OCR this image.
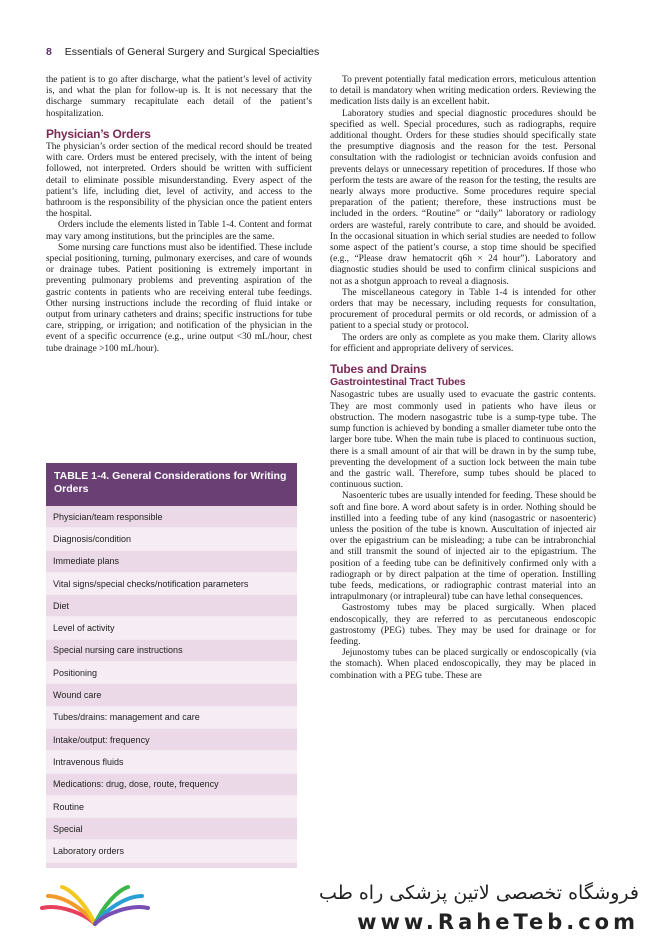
8 Essentials of General Surgery and Surgical Specialties

the patient is to go after discharge, what the patient’s level of activity is, and what the plan for follow-up is. It is not necessary that the discharge summary recapitulate each detail of the patient’s hospitalization.

Physician’s Orders

The physician’s order section of the medical record should be treated with care. Orders must be entered precisely, with the intent of being followed, not interpreted. Orders should be written with sufficient detail to eliminate possible misunderstanding. Every aspect of the patient’s life, including diet, level of activity, and access to the bathroom is the responsibility of the physician once the patient enters the hospital.

Orders include the elements listed in Table 1-4. Content and format may vary among institutions, but the principles are the same.

Some nursing care functions must also be identified. These include special positioning, turning, pulmonary exercises, and care of wounds or drainage tubes. Patient positioning is extremely important in preventing pulmonary problems and preventing aspiration of the gastric contents in patients who are receiving enteral tube feedings. Other nursing instructions include the recording of fluid intake or output from urinary catheters and drains; specific instructions for tube care, stripping, or irrigation; and notification of the physician in the event of a specific occurrence (e.g., urine output <30 mL/hour, chest tube drainage >100 mL/hour).

TABLE 1-4. General Considerations for Writing Orders
Physician/team responsible
Diagnosis/condition
Immediate plans
Vital signs/special checks/notification parameters
Diet
Level of activity
Special nursing care instructions
Positioning
Wound care
Tubes/drains: management and care
Intake/output: frequency
Intravenous fluids
Medications: drug, dose, route, frequency
Routine
Special
Laboratory orders

To prevent potentially fatal medication errors, meticulous attention to detail is mandatory when writing medication orders. Reviewing the medication lists daily is an excellent habit.

Laboratory studies and special diagnostic procedures should be specified as well. Special procedures, such as radiographs, require additional thought. Orders for these studies should specifically state the presumptive diagnosis and the reason for the test. Personal consultation with the radiologist or technician avoids confusion and prevents delays or unnecessary repetition of procedures. If those who perform the tests are aware of the reason for the testing, the results are nearly always more productive. Some procedures require special preparation of the patient; therefore, these instructions must be included in the orders. “Routine” or “daily” laboratory or radiology orders are wasteful, rarely contribute to care, and should be avoided. In the occasional situation in which serial studies are needed to follow some aspect of the patient’s course, a stop time should be specified (e.g., “Please draw hematocrit q6h × 24 hour”). Laboratory and diagnostic studies should be used to confirm clinical suspicions and not as a shotgun approach to reveal a diagnosis.

The miscellaneous category in Table 1-4 is intended for other orders that may be necessary, including requests for consultation, procurement of procedural permits or old records, or admission of a patient to a special study or protocol.

The orders are only as complete as you make them. Clarity allows for efficient and appropriate delivery of services.

Tubes and Drains
Gastrointestinal Tract Tubes

Nasogastric tubes are usually used to evacuate the gastric contents. They are most commonly used in patients who have ileus or obstruction. The modern nasogastric tube is a sump-type tube. The sump function is achieved by bonding a smaller diameter tube onto the larger bore tube. When the main tube is placed to continuous suction, there is a small amount of air that will be drawn in by the sump tube, preventing the development of a suction lock between the main tube and the gastric wall. Therefore, sump tubes should be placed to continuous suction.

Nasoenteric tubes are usually intended for feeding. These should be soft and fine bore. A word about safety is in order. Nothing should be instilled into a feeding tube of any kind (nasogastric or nasoenteric) unless the position of the tube is known. Auscultation of injected air over the epigastrium can be misleading; a tube can be intrabronchial and still transmit the sound of injected air to the epigastrium. The position of a feeding tube can be definitively confirmed only with a radiograph or by direct palpation at the time of operation. Instilling tube feeds, medications, or radiographic contrast material into an intrapulmonary (or intrapleural) tube can have lethal consequences.

Gastrostomy tubes may be placed surgically. When placed endoscopically, they are referred to as percutaneous endoscopic gastrostomy (PEG) tubes. They may be used for drainage or for feeding.

Jejunostomy tubes can be placed surgically or endoscopically (via the stomach). When placed endoscopically, they may be placed in combination with a PEG tube. These are

فروشگاه تخصصی لاتین پزشکی راه طب
www.RaheTeb.com
